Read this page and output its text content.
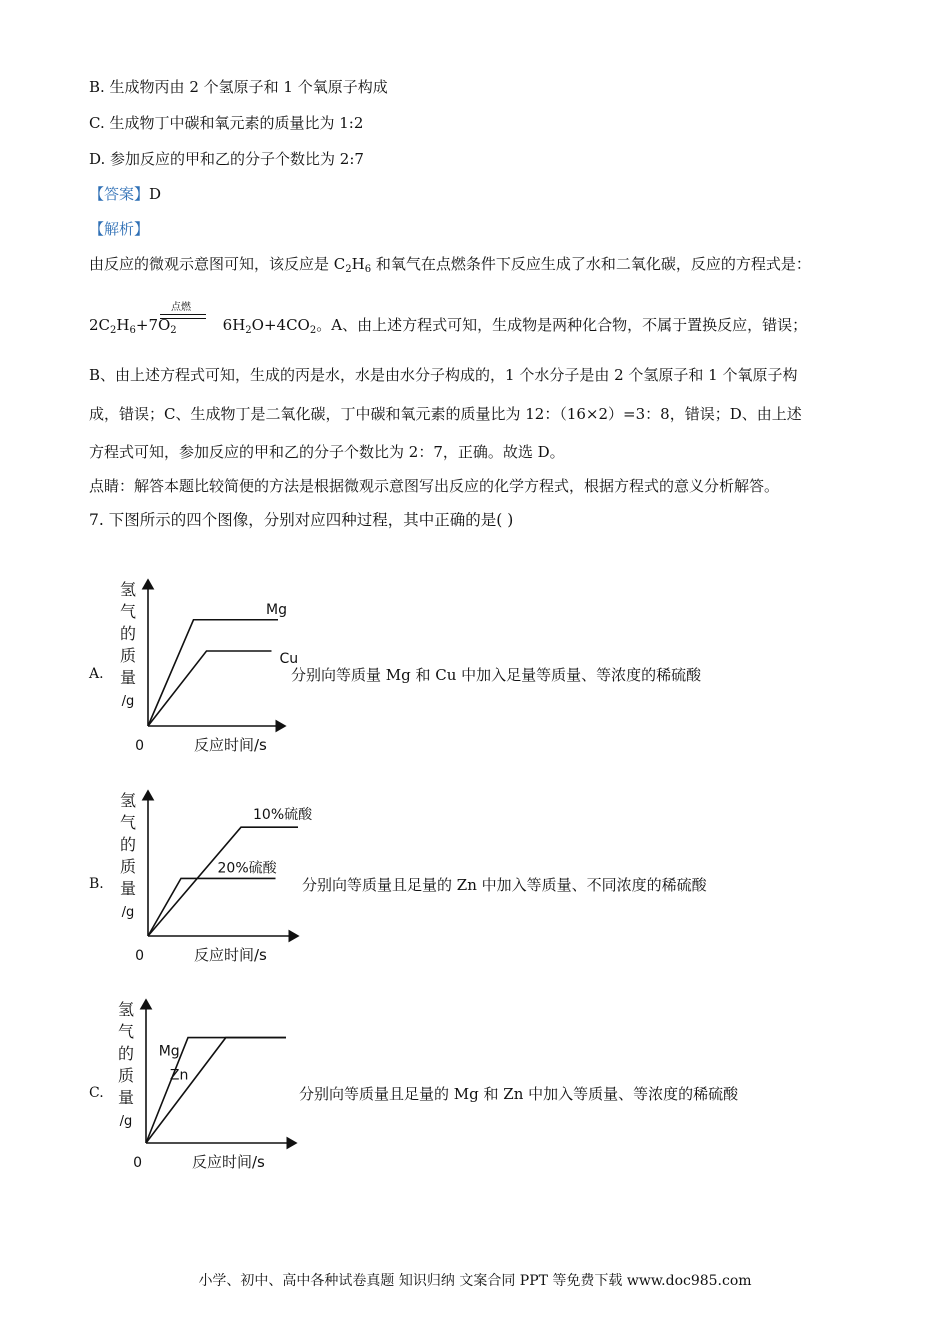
B. 生成物丙由 2 个氢原子和 1 个氧原子构成
C. 生成物丁中碳和氧元素的质量比为 1:2
D. 参加反应的甲和乙的分子个数比为 2:7
【答案】D
【解析】
由反应的微观示意图可知，该反应是 $C_2H_6$ 和氧气在点燃条件下反应生成了水和二氧化碳，反应的方程式是：
点燃
$2C_2H_6+7O_2$	$6H_2O+4CO_2$。A、由上述方程式可知，生成物是两种化合物，不属于置换反应，错误；
B、由上述方程式可知，生成的丙是水，水是由水分子构成的，1 个水分子是由 2 个氢原子和 1 个氧原子构
成，错误；C、生成物丁是二氧化碳，丁中碳和氧元素的质量比为 12：（16×2）=3：8，错误；D、由上述
方程式可知，参加反应的甲和乙的分子个数比为 2：7，正确。故选 D。
点睛：解答本题比较简便的方法是根据微观示意图写出反应的化学方程式，根据方程式的意义分析解答。
7. 下图所示的四个图像，分别对应四种过程，其中正确的是( )
A.
氢
气
的
质
量
/g
0	反应时间/s
Mg
Cu
分别向等质量 Mg 和 Cu 中加入足量等质量、等浓度的稀硫酸
B.
氢
气
的
质
量
/g
0	反应时间/s
10%硫酸
20%硫酸
分别向等质量且足量的 Zn 中加入等质量、不同浓度的稀硫酸
C.
氢
气
的
质
量
/g
0	反应时间/s
Mg
Zn
分别向等质量且足量的 Mg 和 Zn 中加入等质量、等浓度的稀硫酸
小学、初中、高中各种试卷真题 知识归纳 文案合同 PPT 等免费下载 www.doc985.com
